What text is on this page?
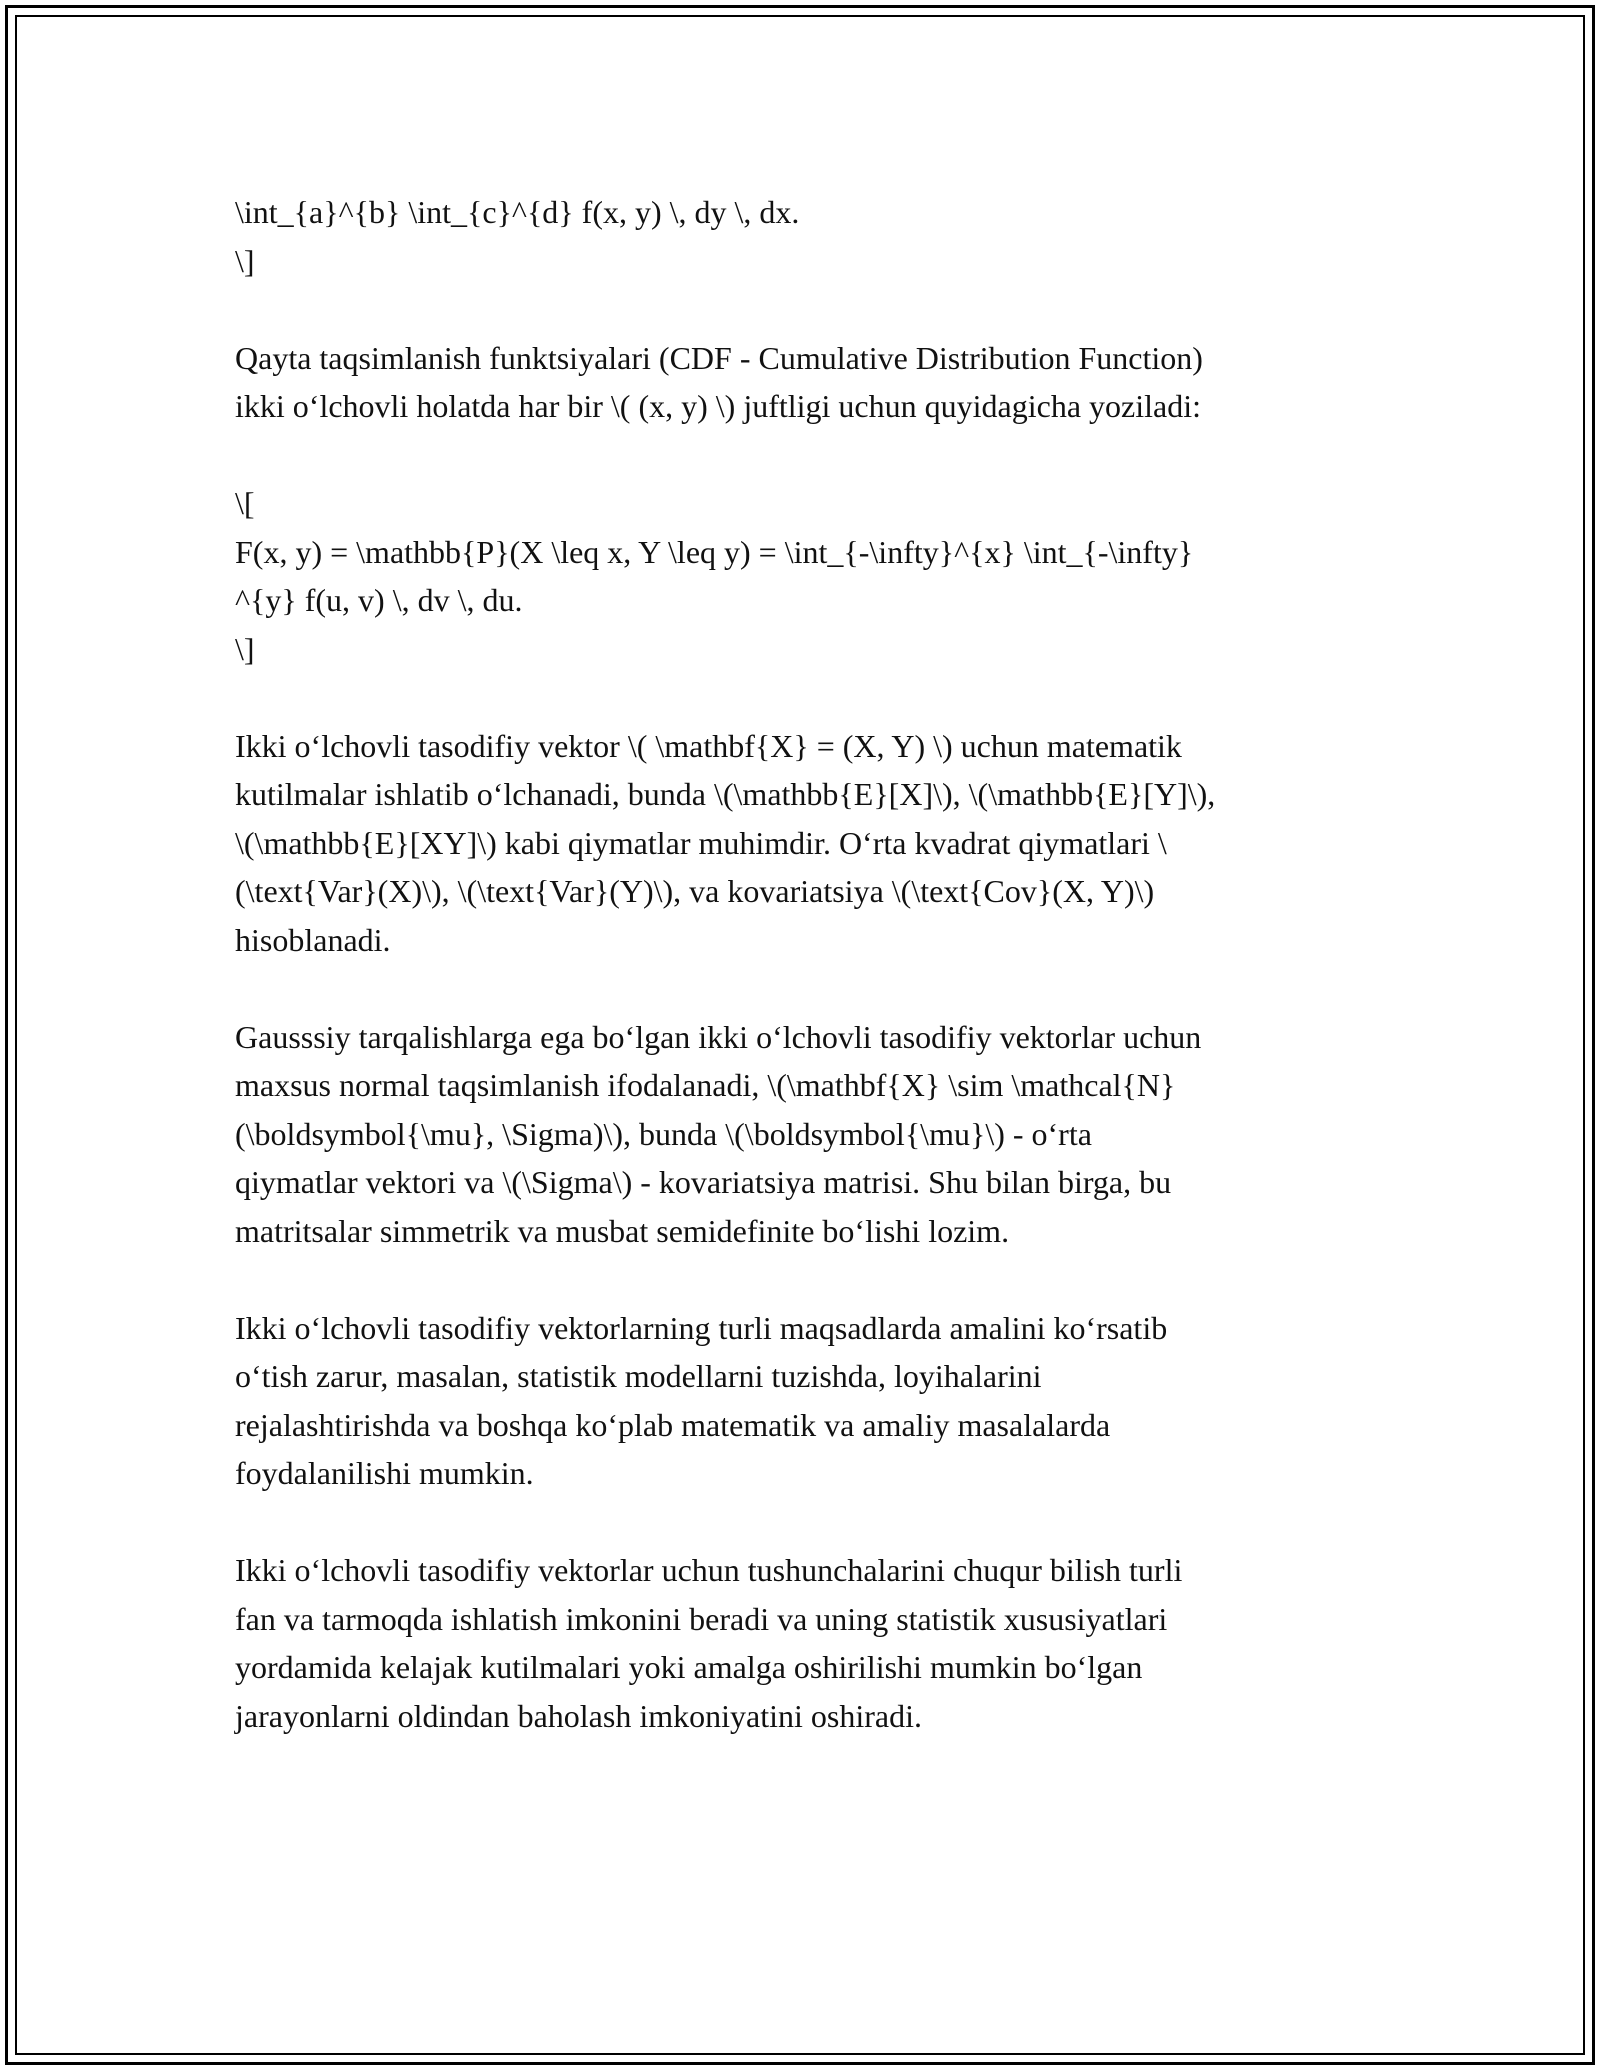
\int_{a}^{b} \int_{c}^{d} f(x, y) \, dy \, dx.
\]
Qayta taqsimlanish funktsiyalari (CDF - Cumulative Distribution Function)
ikki o‘lchovli holatda har bir \( (x, y) \) juftligi uchun quyidagicha yoziladi:
\[
F(x, y) = \mathbb{P}(X \leq x, Y \leq y) = \int_{-\infty}^{x} \int_{-\infty}
^{y} f(u, v) \, dv \, du.
\]
Ikki o‘lchovli tasodifiy vektor \( \mathbf{X} = (X, Y) \) uchun matematik
kutilmalar ishlatib o‘lchanadi, bunda \(\mathbb{E}[X]\), \(\mathbb{E}[Y]\),
\(\mathbb{E}[XY]\) kabi qiymatlar muhimdir. O‘rta kvadrat qiymatlari \
(\text{Var}(X)\), \(\text{Var}(Y)\), va kovariatsiya \(\text{Cov}(X, Y)\)
hisoblanadi.
Gausssiy tarqalishlarga ega bo‘lgan ikki o‘lchovli tasodifiy vektorlar uchun
maxsus normal taqsimlanish ifodalanadi, \(\mathbf{X} \sim \mathcal{N}
(\boldsymbol{\mu}, \Sigma)\), bunda \(\boldsymbol{\mu}\) - o‘rta
qiymatlar vektori va \(\Sigma\) - kovariatsiya matrisi. Shu bilan birga, bu
matritsalar simmetrik va musbat semidefinite bo‘lishi lozim.
Ikki o‘lchovli tasodifiy vektorlarning turli maqsadlarda amalini ko‘rsatib
o‘tish zarur, masalan, statistik modellarni tuzishda, loyihalarini
rejalashtirishda va boshqa ko‘plab matematik va amaliy masalalarda
foydalanilishi mumkin.
Ikki o‘lchovli tasodifiy vektorlar uchun tushunchalarini chuqur bilish turli
fan va tarmoqda ishlatish imkonini beradi va uning statistik xususiyatlari
yordamida kelajak kutilmalari yoki amalga oshirilishi mumkin bo‘lgan
jarayonlarni oldindan baholash imkoniyatini oshiradi.
